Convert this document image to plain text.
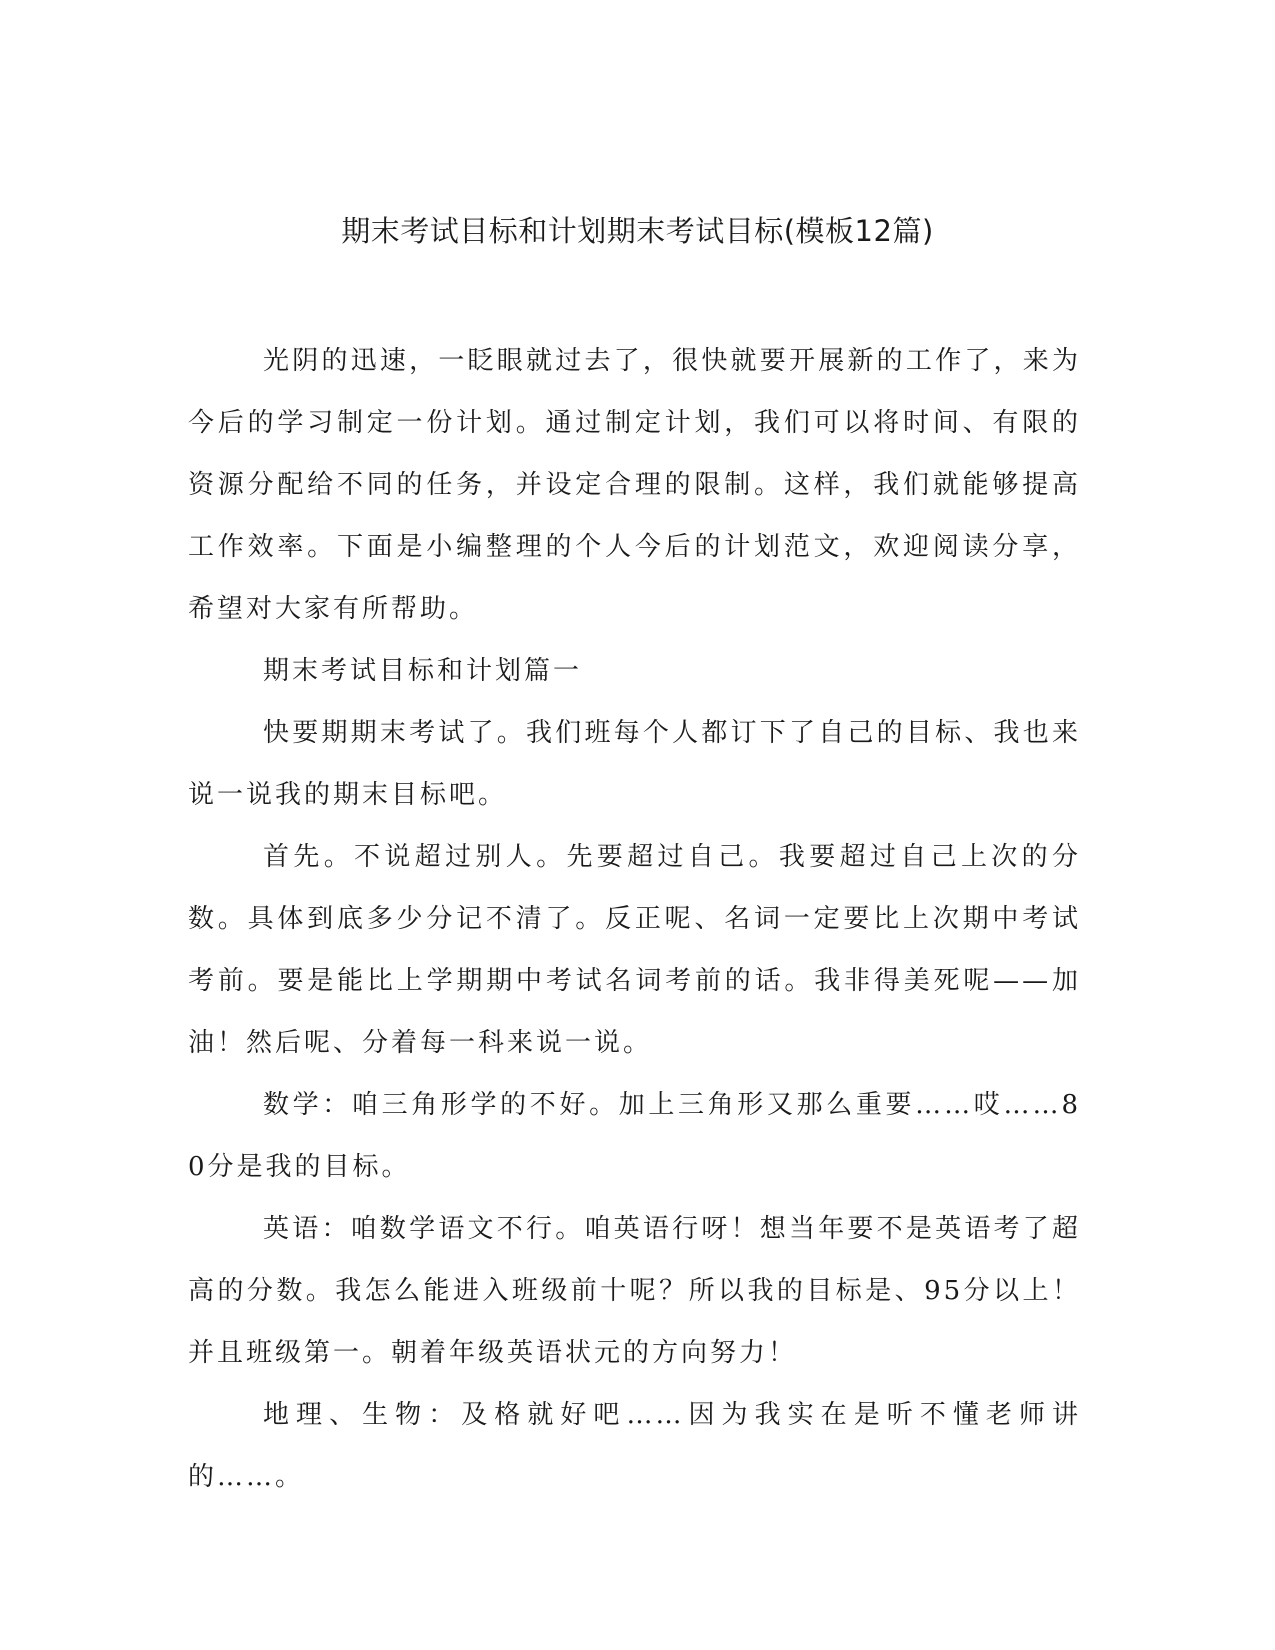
期末考试目标和计划期末考试目标(模板12篇)

光阴的迅速，一眨眼就过去了，很快就要开展新的工作了，来为今后的学习制定一份计划。通过制定计划，我们可以将时间、有限的资源分配给不同的任务，并设定合理的限制。这样，我们就能够提高工作效率。下面是小编整理的个人今后的计划范文，欢迎阅读分享，希望对大家有所帮助。

期末考试目标和计划篇一

快要期期末考试了。我们班每个人都订下了自己的目标、我也来说一说我的期末目标吧。

首先。不说超过别人。先要超过自己。我要超过自己上次的分数。具体到底多少分记不清了。反正呢、名词一定要比上次期中考试考前。要是能比上学期期中考试名词考前的话。我非得美死呢——加油！然后呢、分着每一科来说一说。

数学：咱三角形学的不好。加上三角形又那么重要……哎……80分是我的目标。

英语：咱数学语文不行。咱英语行呀！想当年要不是英语考了超高的分数。我怎么能进入班级前十呢？所以我的目标是、95分以上！并且班级第一。朝着年级英语状元的方向努力！

地理、生物：及格就好吧……因为我实在是听不懂老师讲的……。
